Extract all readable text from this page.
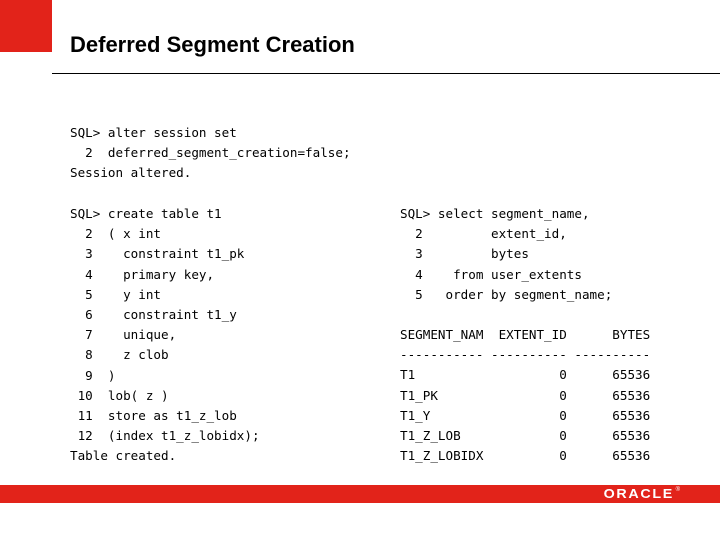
Deferred Segment Creation
SQL> alter session set
2  deferred_segment_creation=false;
Session altered.
SQL> create table t1
2  ( x int
3    constraint t1_pk
4    primary key,
5    y int
6    constraint t1_y
7    unique,
8    z clob
9  )
10  lob( z )
11  store as t1_z_lob
12  (index t1_z_lobidx);
Table created.
SQL> select segment_name,
2         extent_id,
3         bytes
4    from user_extents
5   order by segment_name;
SEGMENT_NAM  EXTENT_ID      BYTES
----------- ---------- ----------
T1                   0      65536
T1_PK                0      65536
T1_Y                 0      65536
T1_Z_LOB             0      65536
T1_Z_LOBIDX          0      65536
ORACLE ®
